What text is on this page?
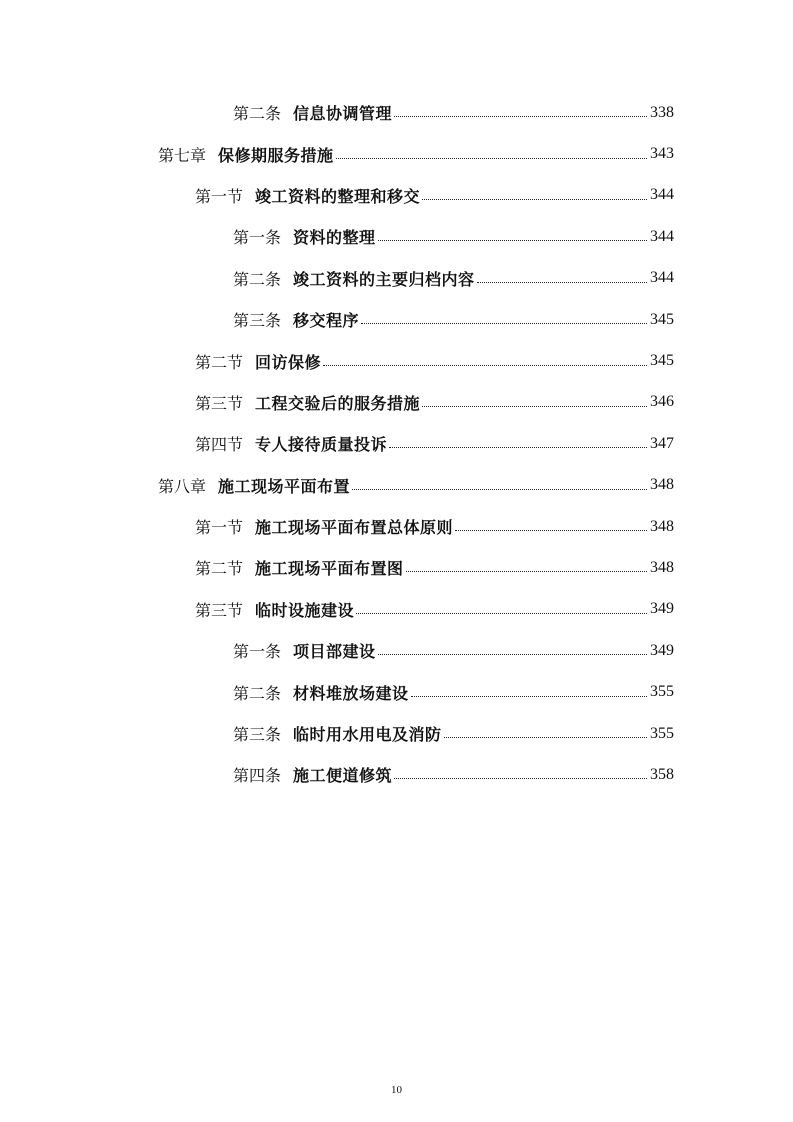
第二条 信息协调管理	338
第七章 保修期服务措施	343
第一节 竣工资料的整理和移交	344
第一条 资料的整理	344
第二条 竣工资料的主要归档内容	344
第三条 移交程序	345
第二节 回访保修	345
第三节 工程交验后的服务措施	346
第四节 专人接待质量投诉	347
第八章 施工现场平面布置	348
第一节 施工现场平面布置总体原则	348
第二节 施工现场平面布置图	348
第三节 临时设施建设	349
第一条 项目部建设	349
第二条 材料堆放场建设	355
第三条 临时用水用电及消防	355
第四条 施工便道修筑	358
10
